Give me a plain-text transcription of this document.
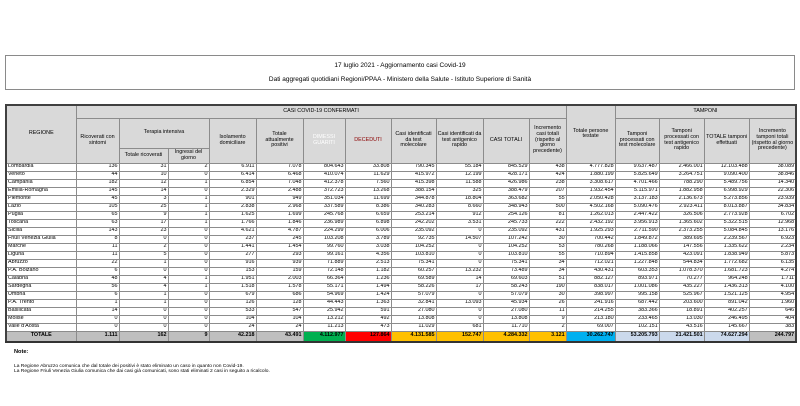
17 luglio 2021 - Aggiornamento casi Covid-19
Dati aggregati quotidiani Regioni/PPAA - Ministero della Salute - Istituto Superiore di Sanità
REGIONE	CASI COVID-19 CONFERMATI											Totale persone testate	TAMPONI			
	Ricoverati con sintomi	Terapia intensiva		Isolamento domiciliare	Totale attualmente positivi	DIMESSI GUARITI	DECEDUTI	Casi identificati da test molecolare	Casi identificati da test antigenico rapido	CASI TOTALI	Incremento casi totali (rispetto al giorno precedente)		Tamponi processati con test molecolare	Tamponi processati con test antigenico rapido	TOTALE tamponi effettuati	Incremento tamponi totali (rispetto al giorno precedente)
		Totale ricoverati	Ingressi del giorno													
Lombardia	136	31	2	6.911	7.078	804.643	33.808	790.345	55.184	845.529	438	4.777.828	9.637.487	2.466.001	12.103.488	38.089
Veneto	44	10	0	6.414	6.468	410.074	11.629	415.972	12.199	428.171	424	1.880.199	5.825.649	3.264.751	9.090.400	38.846
Campania	182	12	1	6.854	7.048	412.378	7.560	415.398	11.588	426.986	238	3.308.617	4.701.466	788.290	5.489.756	14.340
Emilia-Romagna	145	14	0	2.329	2.488	372.723	13.268	388.154	325	388.479	207	1.932.454	5.115.971	1.882.958	6.998.929	22.306
Piemonte	45	3	1	901	949	351.034	11.699	344.878	18.804	363.682	55	2.050.428	3.137.183	2.136.673	5.273.856	23.939
Lazio	105	25	1	2.838	2.968	337.589	8.386	340.283	8.660	348.943	500	4.502.168	5.090.476	2.923.411	8.013.887	34.834
Puglia	65	9	1	1.625	1.699	245.768	6.659	253.214	912	254.126	81	1.262.013	2.447.422	326.506	2.773.928	6.702
Toscana	63	17	1	1.766	1.846	236.989	6.898	242.202	3.531	245.733	222	2.432.192	3.956.913	1.365.602	5.322.515	12.968
Sicilia	143	23	0	4.621	4.787	224.299	6.006	235.092	0	235.092	431	1.925.293	2.711.590	2.373.255	5.084.845	13.176
Friuli Venezia Giulia	8	0	0	237	245	103.208	3.789	92.735	14.507	107.242	30	700.442	1.849.872	389.695	2.239.567	6.923
Marche	11	2	0	1.441	1.454	99.760	3.038	104.252	0	104.252	53	780.268	1.188.066	147.556	1.335.622	2.234
Liguria	11	5	0	277	293	99.161	4.356	103.810	0	103.810	55	710.894	1.415.858	423.091	1.838.949	5.873
Abruzzo	22	1	0	916	939	71.889	2.513	75.341	0	75.341	34	712.021	1.227.848	544.834	1.772.682	6.135
P.A. Bolzano	6	0	0	153	159	72.148	1.182	60.257	13.232	73.489	34	430.431	603.353	1.078.370	1.681.723	4.274
Calabria	48	4	1	1.951	2.003	66.364	1.236	69.589	14	69.603	51	882.127	893.971	70.277	964.248	1.711
Sardegna	56	4	1	1.518	1.578	55.171	1.494	58.226	17	58.243	190	838.017	1.001.086	435.227	1.436.313	4.100
Umbria	6	1	0	679	686	54.969	1.424	57.079	0	57.079	30	398.997	995.158	525.967	1.521.125	4.954
P.A. Trento	1	1	0	126	128	44.443	1.363	32.841	13.093	45.934	26	241.916	687.442	203.600	891.042	1.960
Basilicata	14	0	0	533	547	25.942	591	27.080	0	27.080	11	214.255	383.366	18.891	402.257	646
Molise	0	0	0	104	104	13.212	492	13.808	0	13.808	9	213.180	233.465	13.030	246.495	404
Valle d'Aosta	0	0	0	24	24	11.213	473	11.029	681	11.710	2	69.007	102.151	43.516	145.667	383
TOTALE	1.111	162	9	42.218	43.491	4.112.977	127.864	4.131.585	152.747	4.284.332	3.121	30.262.747	53.205.793	21.421.501	74.627.294	244.797
Note:
La Regione Abruzzo comunica che dal totale dei positivi è stato eliminato un caso in quanto non Covid-19.
La Regione Friuli Venezia Giulia comunica che dai casi già comunicati, sono stati eliminati 2 casi in seguito a ricalcolo.
